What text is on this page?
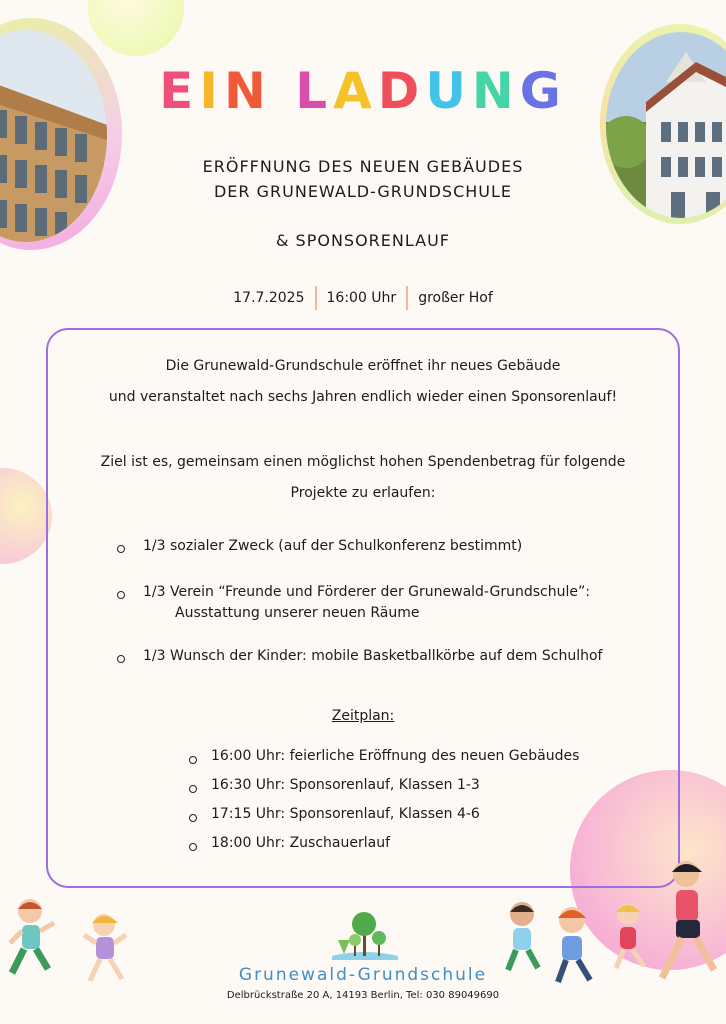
EIN LADUNG
ERÖFFNUNG DES NEUEN GEBÄUDES
DER GRUNEWALD-GRUNDSCHULE
& SPONSORENLAUF
17.7.2025 16:00 Uhr großer Hof
Die Grunewald-Grundschule eröffnet ihr neues Gebäude
und veranstaltet nach sechs Jahren endlich wieder einen Sponsorenlauf!
Ziel ist es, gemeinsam einen möglichst hohen Spendenbetrag für folgende
Projekte zu erlaufen:
1/3 sozialer Zweck (auf der Schulkonferenz bestimmt)
1/3 Verein “Freunde und Förderer der Grunewald-Grundschule”:
Ausstattung unserer neuen Räume
1/3 Wunsch der Kinder: mobile Basketballkörbe auf dem Schulhof
Zeitplan:
16:00 Uhr: feierliche Eröffnung des neuen Gebäudes
16:30 Uhr: Sponsorenlauf, Klassen 1-3
17:15 Uhr: Sponsorenlauf, Klassen 4-6
18:00 Uhr: Zuschauerlauf
Grunewald-Grundschule
Delbrückstraße 20 A, 14193 Berlin, Tel: 030 89049690
